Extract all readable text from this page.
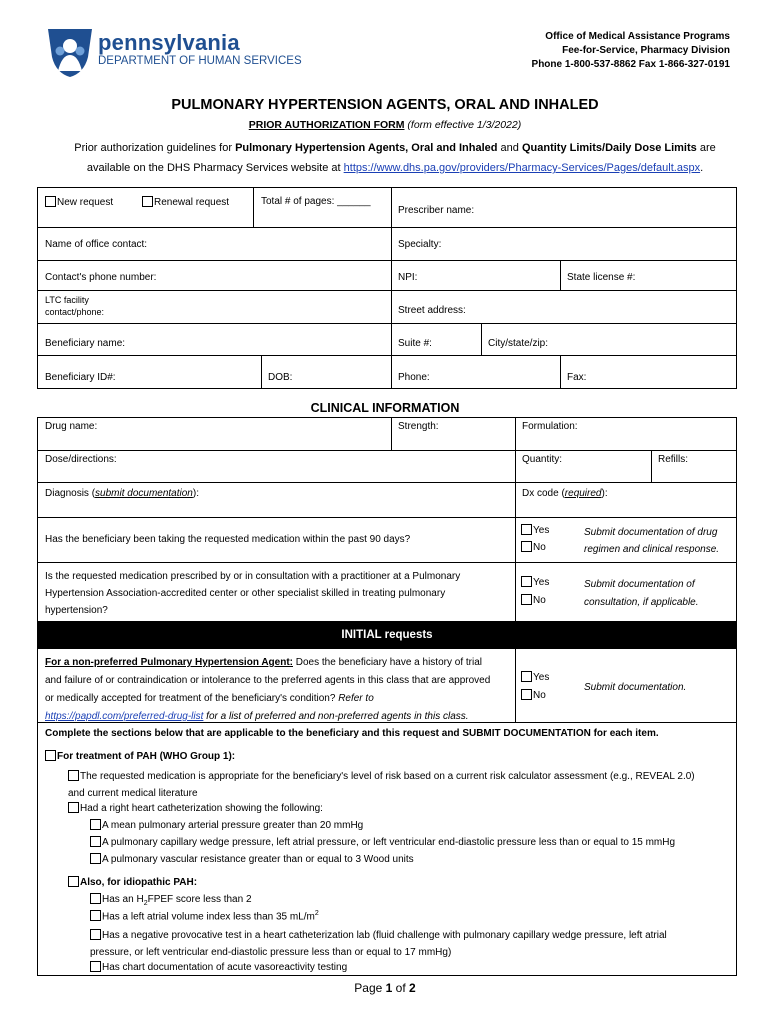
pennsylvania
DEPARTMENT OF HUMAN SERVICES
Office of Medical Assistance Programs
Fee-for-Service, Pharmacy Division
Phone 1-800-537-8862 Fax 1-866-327-0191
PULMONARY HYPERTENSION AGENTS, ORAL AND INHALED
PRIOR AUTHORIZATION FORM (form effective 1/3/2022)
Prior authorization guidelines for Pulmonary Hypertension Agents, Oral and Inhaled and Quantity Limits/Daily Dose Limits are available on the DHS Pharmacy Services website at https://www.dhs.pa.gov/providers/Pharmacy-Services/Pages/default.aspx.
New request	Renewal request	Total # of pages: ______
Prescriber name:
Name of office contact:	Specialty:
Contact's phone number:	NPI:	State license #:
LTC facility
contact/phone:	Street address:
Beneficiary name:	Suite #:	City/state/zip:
Beneficiary ID#:	DOB:	Phone:	Fax:
CLINICAL INFORMATION
Drug name:	Strength:	Formulation:
Dose/directions:	Quantity:	Refills:
Diagnosis (submit documentation):	Dx code (required):
Has the beneficiary been taking the requested medication within the past 90 days?
Yes
No
Submit documentation of drug
regimen and clinical response.
Is the requested medication prescribed by or in consultation with a practitioner at a Pulmonary
Hypertension Association-accredited center or other specialist skilled in treating pulmonary
hypertension?
Yes
No
Submit documentation of
consultation, if applicable.
INITIAL requests
For a non-preferred Pulmonary Hypertension Agent: Does the beneficiary have a history of trial
and failure of or contraindication or intolerance to the preferred agents in this class that are approved
or medically accepted for treatment of the beneficiary's condition? Refer to
https://papdl.com/preferred-drug-list for a list of preferred and non-preferred agents in this class.
Yes
No
Submit documentation.
Complete the sections below that are applicable to the beneficiary and this request and SUBMIT DOCUMENTATION for each item.
For treatment of PAH (WHO Group 1):
The requested medication is appropriate for the beneficiary's level of risk based on a current risk calculator assessment (e.g., REVEAL 2.0)
and current medical literature
Had a right heart catheterization showing the following:
A mean pulmonary arterial pressure greater than 20 mmHg
A pulmonary capillary wedge pressure, left atrial pressure, or left ventricular end-diastolic pressure less than or equal to 15 mmHg
A pulmonary vascular resistance greater than or equal to 3 Wood units
Also, for idiopathic PAH:
Has an $H_2FPEF$ score less than 2
Has a left atrial volume index less than 35 $mL/m^2$
Has a negative provocative test in a heart catheterization lab (fluid challenge with pulmonary capillary wedge pressure, left atrial
pressure, or left ventricular end-diastolic pressure less than or equal to 17 mmHg)
Has chart documentation of acute vasoreactivity testing
Page 1 of 2
